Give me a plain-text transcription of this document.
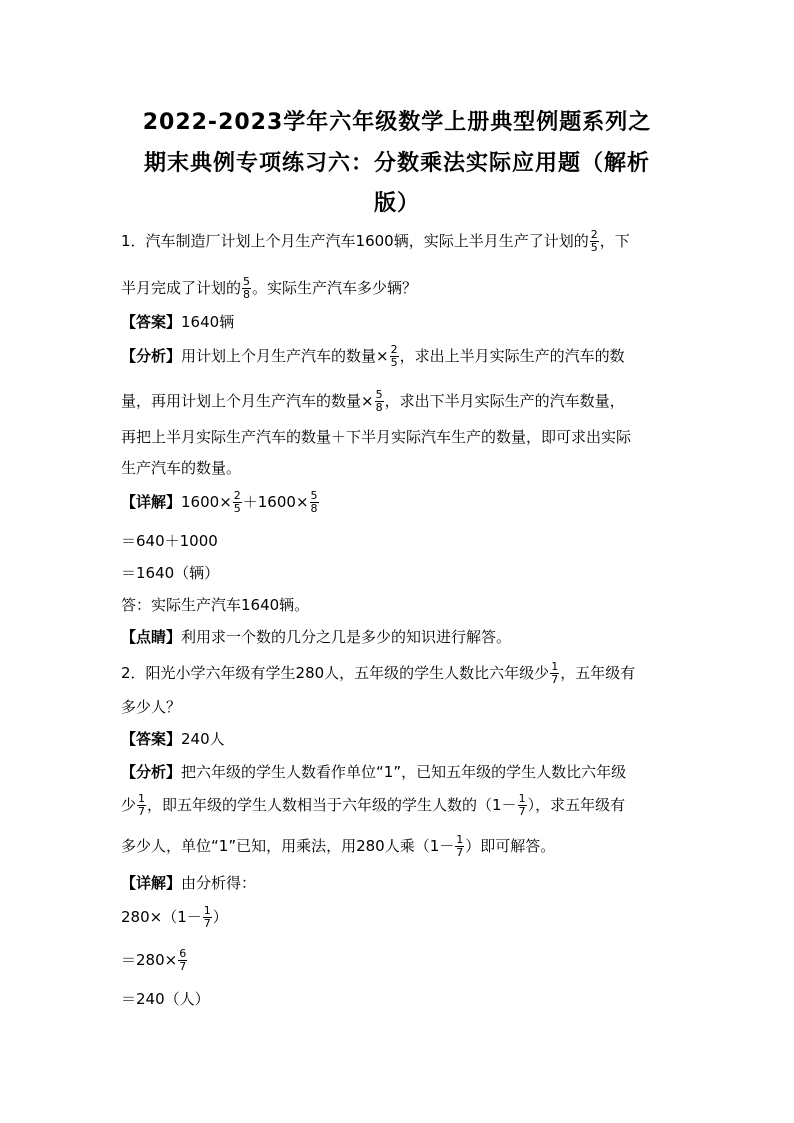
2022-2023学年六年级数学上册典型例题系列之
期末典例专项练习六：分数乘法实际应用题（解析
版）
1．汽车制造厂计划上个月生产汽车1600辆，实际上半月生产了计划的 $\frac{2}{5}$ ，下
半月完成了计划的 $\frac{5}{8}$ 。实际生产汽车多少辆？
【答案】1640辆
【分析】用计划上个月生产汽车的数量× $\frac{2}{5}$ ，求出上半月实际生产的汽车的数
量，再用计划上个月生产汽车的数量× $\frac{5}{8}$ ，求出下半月实际生产的汽车数量，
再把上半月实际生产汽车的数量＋下半月实际汽车生产的数量，即可求出实际
生产汽车的数量。
【详解】$1600\times \frac{2}{5} +1600\times \frac{5}{8}$
＝640＋1000
＝1640（辆）
答：实际生产汽车1640辆。
【点睛】利用求一个数的几分之几是多少的知识进行解答。
2．阳光小学六年级有学生280人，五年级的学生人数比六年级少 $\frac{1}{7}$ ，五年级有
多少人？
【答案】240人
【分析】把六年级的学生人数看作单位“1”，已知五年级的学生人数比六年级
少 $\frac{1}{7}$ ，即五年级的学生人数相当于六年级的学生人数的（$1- \frac{1}{7}$ ），求五年级有
多少人，单位“1”已知，用乘法，用280人乘（$1- \frac{1}{7}$ ）即可解答。
【详解】由分析得：
$280\times(1- \frac{1}{7}$ ）
$=280\times \frac{6}{7}$
＝240（人）
